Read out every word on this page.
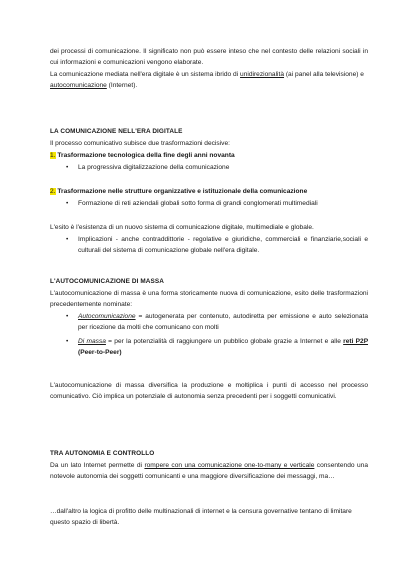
dei processi di comunicazione. Il significato non può essere inteso che nel contesto delle relazioni sociali in cui informazioni e comunicazioni vengono elaborate.
La comunicazione mediata nell'era digitale è un sistema ibrido di unidirezionalità (ai panel alla televisione) e autocomunicazione (Internet).
LA COMUNICAZIONE NELL'ERA DIGITALE
Il processo comunicativo subisce due trasformazioni decisive:
1. Trasformazione tecnologica della fine degli anni novanta
• La progressiva digitalizzazione della comunicazione
2. Trasformazione nelle strutture organizzative e istituzionale della comunicazione
• Formazione di reti aziendali globali sotto forma di grandi conglomerati multimediali
L'esito è l'esistenza di un nuovo sistema di comunicazione digitale, multimediale e globale.
• Implicazioni - anche contraddittorie - regolative e giuridiche, commerciali e finanziarie,sociali e culturali del sistema di comunicazione globale nell'era digitale.
L'AUTOCOMUNICAZIONE DI MASSA
L'autocomunicazione di massa è una forma storicamente nuova di comunicazione, esito delle trasformazioni precedentemente nominate:
• Autocomunicazione = autogenerata per contenuto, autodiretta per emissione e auto selezionata per ricezione da molti che comunicano con molti
• Di massa = per la potenzialità di raggiungere un pubblico globale grazie a Internet e alle reti P2P (Peer-to-Peer)
L'autocomunicazione di massa diversifica la produzione e moltiplica i punti di accesso nel processo comunicativo. Ciò implica un potenziale di autonomia senza precedenti per i soggetti comunicativi.
TRA AUTONOMIA E CONTROLLO
Da un lato Internet permette di rompere con una comunicazione one-to-many e verticale consentendo una notevole autonomia dei soggetti comunicanti e una maggiore diversificazione dei messaggi, ma…
…dall'altro la logica di profitto delle multinazionali di internet e la censura governative tentano di limitare questo spazio di libertà.
